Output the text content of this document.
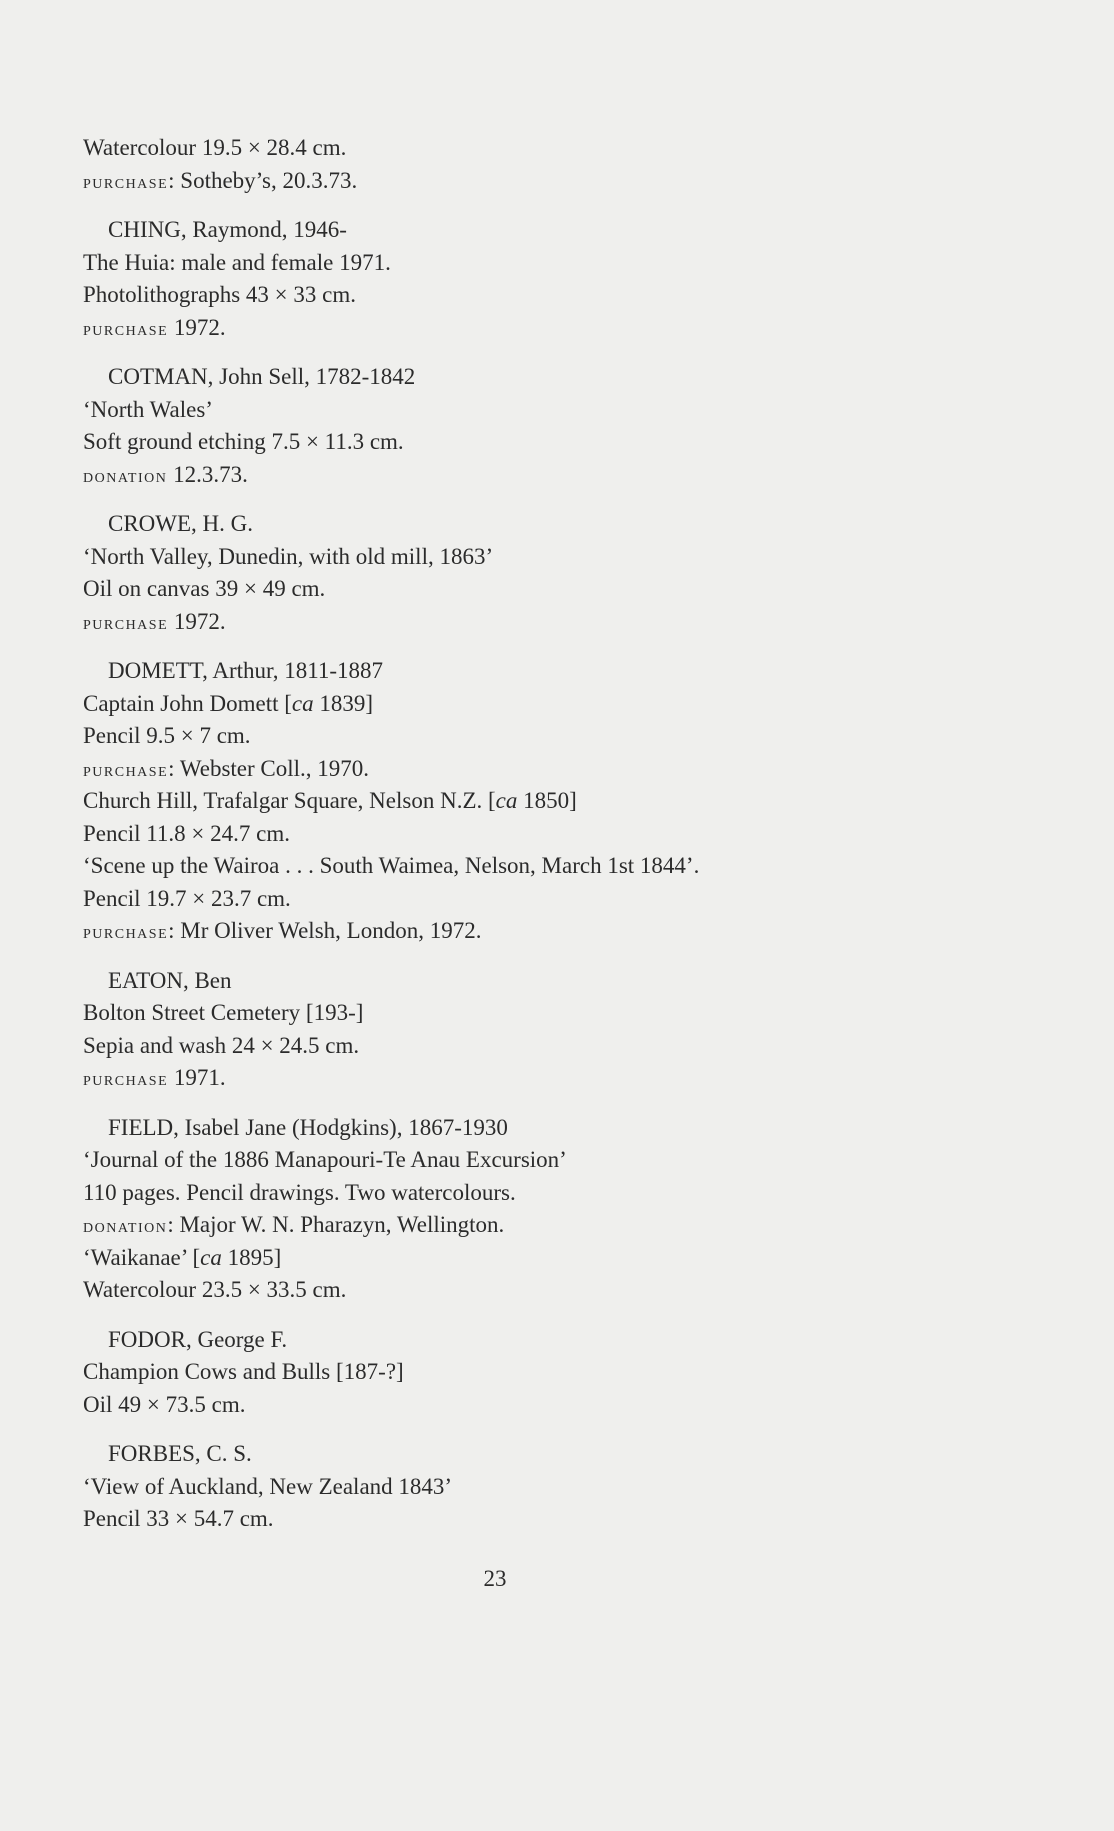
Watercolour 19.5 × 28.4 cm.
purchase: Sotheby’s, 20.3.73.
CHING, Raymond, 1946-
The Huia: male and female 1971.
Photolithographs 43 × 33 cm.
purchase 1972.
COTMAN, John Sell, 1782-1842
‘North Wales’
Soft ground etching 7.5 × 11.3 cm.
donation 12.3.73.
CROWE, H. G.
‘North Valley, Dunedin, with old mill, 1863’
Oil on canvas 39 × 49 cm.
purchase 1972.
DOMETT, Arthur, 1811-1887
Captain John Domett [ca 1839]
Pencil 9.5 × 7 cm.
purchase: Webster Coll., 1970.
Church Hill, Trafalgar Square, Nelson N.Z. [ca 1850]
Pencil 11.8 × 24.7 cm.
‘Scene up the Wairoa . . . South Waimea, Nelson, March 1st 1844’.
Pencil 19.7 × 23.7 cm.
purchase: Mr Oliver Welsh, London, 1972.
EATON, Ben
Bolton Street Cemetery [193-]
Sepia and wash 24 × 24.5 cm.
purchase 1971.
FIELD, Isabel Jane (Hodgkins), 1867-1930
‘Journal of the 1886 Manapouri-Te Anau Excursion’
110 pages. Pencil drawings. Two watercolours.
donation: Major W. N. Pharazyn, Wellington.
‘Waikanae’ [ca 1895]
Watercolour 23.5 × 33.5 cm.
FODOR, George F.
Champion Cows and Bulls [187-?]
Oil 49 × 73.5 cm.
FORBES, C. S.
‘View of Auckland, New Zealand 1843’
Pencil 33 × 54.7 cm.
23
